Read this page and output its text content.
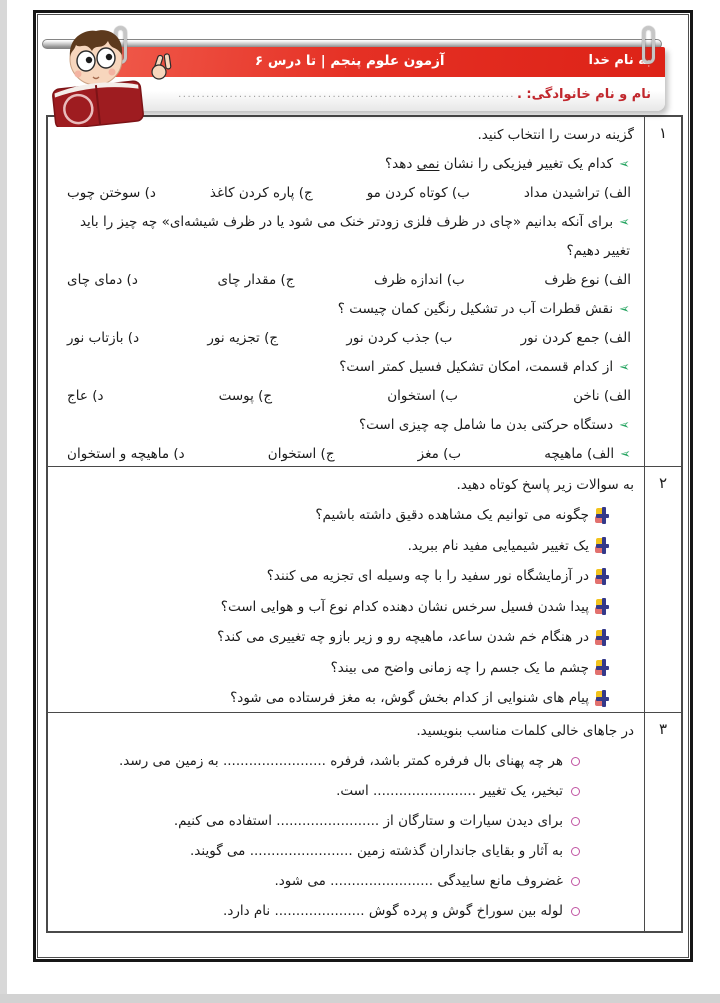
به نام خدا
آزمون علوم پنجم | تا درس ۶
نام و نام خانوادگی: .
........................................................................
۱
گزینه درست را انتخاب کنید.
➢کدام یک تغییر فیزیکی را نشان نمی دهد؟
الف) تراشیدن مداد
ب) کوتاه کردن مو
ج) پاره کردن کاغذ
د) سوختن چوب
➢برای آنکه بدانیم «چای در ظرف فلزی زودتر خنک می شود یا در ظرف شیشه‌ای» چه چیز را باید تغییر دهیم؟
الف) نوع ظرف
ب) اندازه ظرف
ج) مقدار چای
د) دمای چای
➢نقش قطرات آب در تشکیل رنگین کمان چیست ؟
الف) جمع کردن نور
ب) جذب کردن نور
ج) تجزیه نور
د) بازتاب نور
➢از کدام قسمت، امکان تشکیل فسیل کمتر است؟
الف) ناخن
ب) استخوان
ج) پوست
د) عاج
➢دستگاه حرکتی بدن ما شامل چه چیزی است؟
➢الف) ماهیچه
ب) مغز
ج) استخوان
د) ماهیچه و استخوان
۲
به سوالات زیر پاسخ کوتاه دهید.
چگونه می توانیم یک مشاهده دقیق داشته باشیم؟
یک تغییر شیمیایی مفید نام ببرید.
در آزمایشگاه نور سفید را با چه وسیله ای تجزیه می کنند؟
پیدا شدن فسیل سرخس نشان دهنده کدام نوع آب و هوایی است؟
در هنگام خم شدن ساعد، ماهیچه رو و زیر بازو چه تغییری می کند؟
چشم ما یک جسم را چه زمانی واضح می بیند؟
پیام های شنوایی از کدام بخش گوش، به مغز فرستاده می شود؟
۳
در جاهای خالی کلمات مناسب بنویسید.
هر چه پهنای بال فرفره کمتر باشد، فرفره ........................ به زمین می رسد.
تبخیر، یک تغییر ........................ است.
برای دیدن سیارات و ستارگان از ........................ استفاده می کنیم.
به آثار و بقایای جانداران گذشته زمین ........................ می گویند.
غضروف مانع ساییدگی ........................ می شود.
لوله بین سوراخ گوش و پرده گوش ..................... نام دارد.
